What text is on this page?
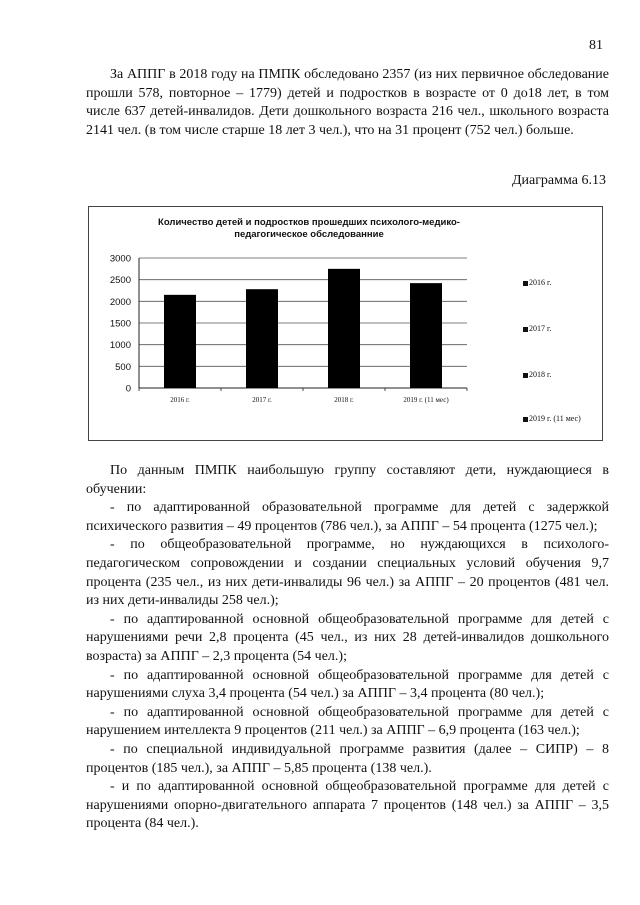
81

За АППГ в 2018 году на ПМПК обследовано 2357 (из них первичное обследование прошли 578, повторное – 1779) детей и подростков в возрасте от 0 до18 лет, в том числе 637 детей-инвалидов. Дети дошкольного возраста 216 чел., школьного возраста 2141 чел. (в том числе старше 18 лет 3 чел.), что на 31 процент (752 чел.) больше.

Диаграмма 6.13
Количество детей и подростков прошедших психолого-медико-педагогическое обследованние
0
500
1000
1500
2000
2500
3000
2016 г.	2017 г.	2018 г.	2019 г. (11 мес)
2016 г.
2017 г.
2018 г.
2019 г. (11 мес)

По данным ПМПК наибольшую группу составляют дети, нуждающиеся в обучении:

- по адаптированной образовательной программе для детей с задержкой психического развития – 49 процентов (786 чел.), за АППГ – 54 процента (1275 чел.);

- по общеобразовательной программе, но нуждающихся в психолого-педагогическом сопровождении и создании специальных условий обучения 9,7 процента (235 чел., из них дети-инвалиды 96 чел.) за АППГ – 20 процентов (481 чел. из них дети-инвалиды 258 чел.);

- по адаптированной основной общеобразовательной программе для детей с нарушениями речи 2,8 процента (45 чел., из них 28 детей-инвалидов дошкольного возраста) за АППГ – 2,3 процента (54 чел.);

- по адаптированной основной общеобразовательной программе для детей с нарушениями слуха 3,4 процента (54 чел.) за АППГ – 3,4 процента (80 чел.);

- по адаптированной основной общеобразовательной программе для детей с нарушением интеллекта 9 процентов (211 чел.) за АППГ – 6,9 процента (163 чел.);

- по специальной индивидуальной программе развития (далее – СИПР) – 8 процентов (185 чел.), за АППГ – 5,85 процента (138 чел.).

- и по адаптированной основной общеобразовательной программе для детей с нарушениями опорно-двигательного аппарата 7 процентов (148 чел.) за АППГ – 3,5 процента (84 чел.).
